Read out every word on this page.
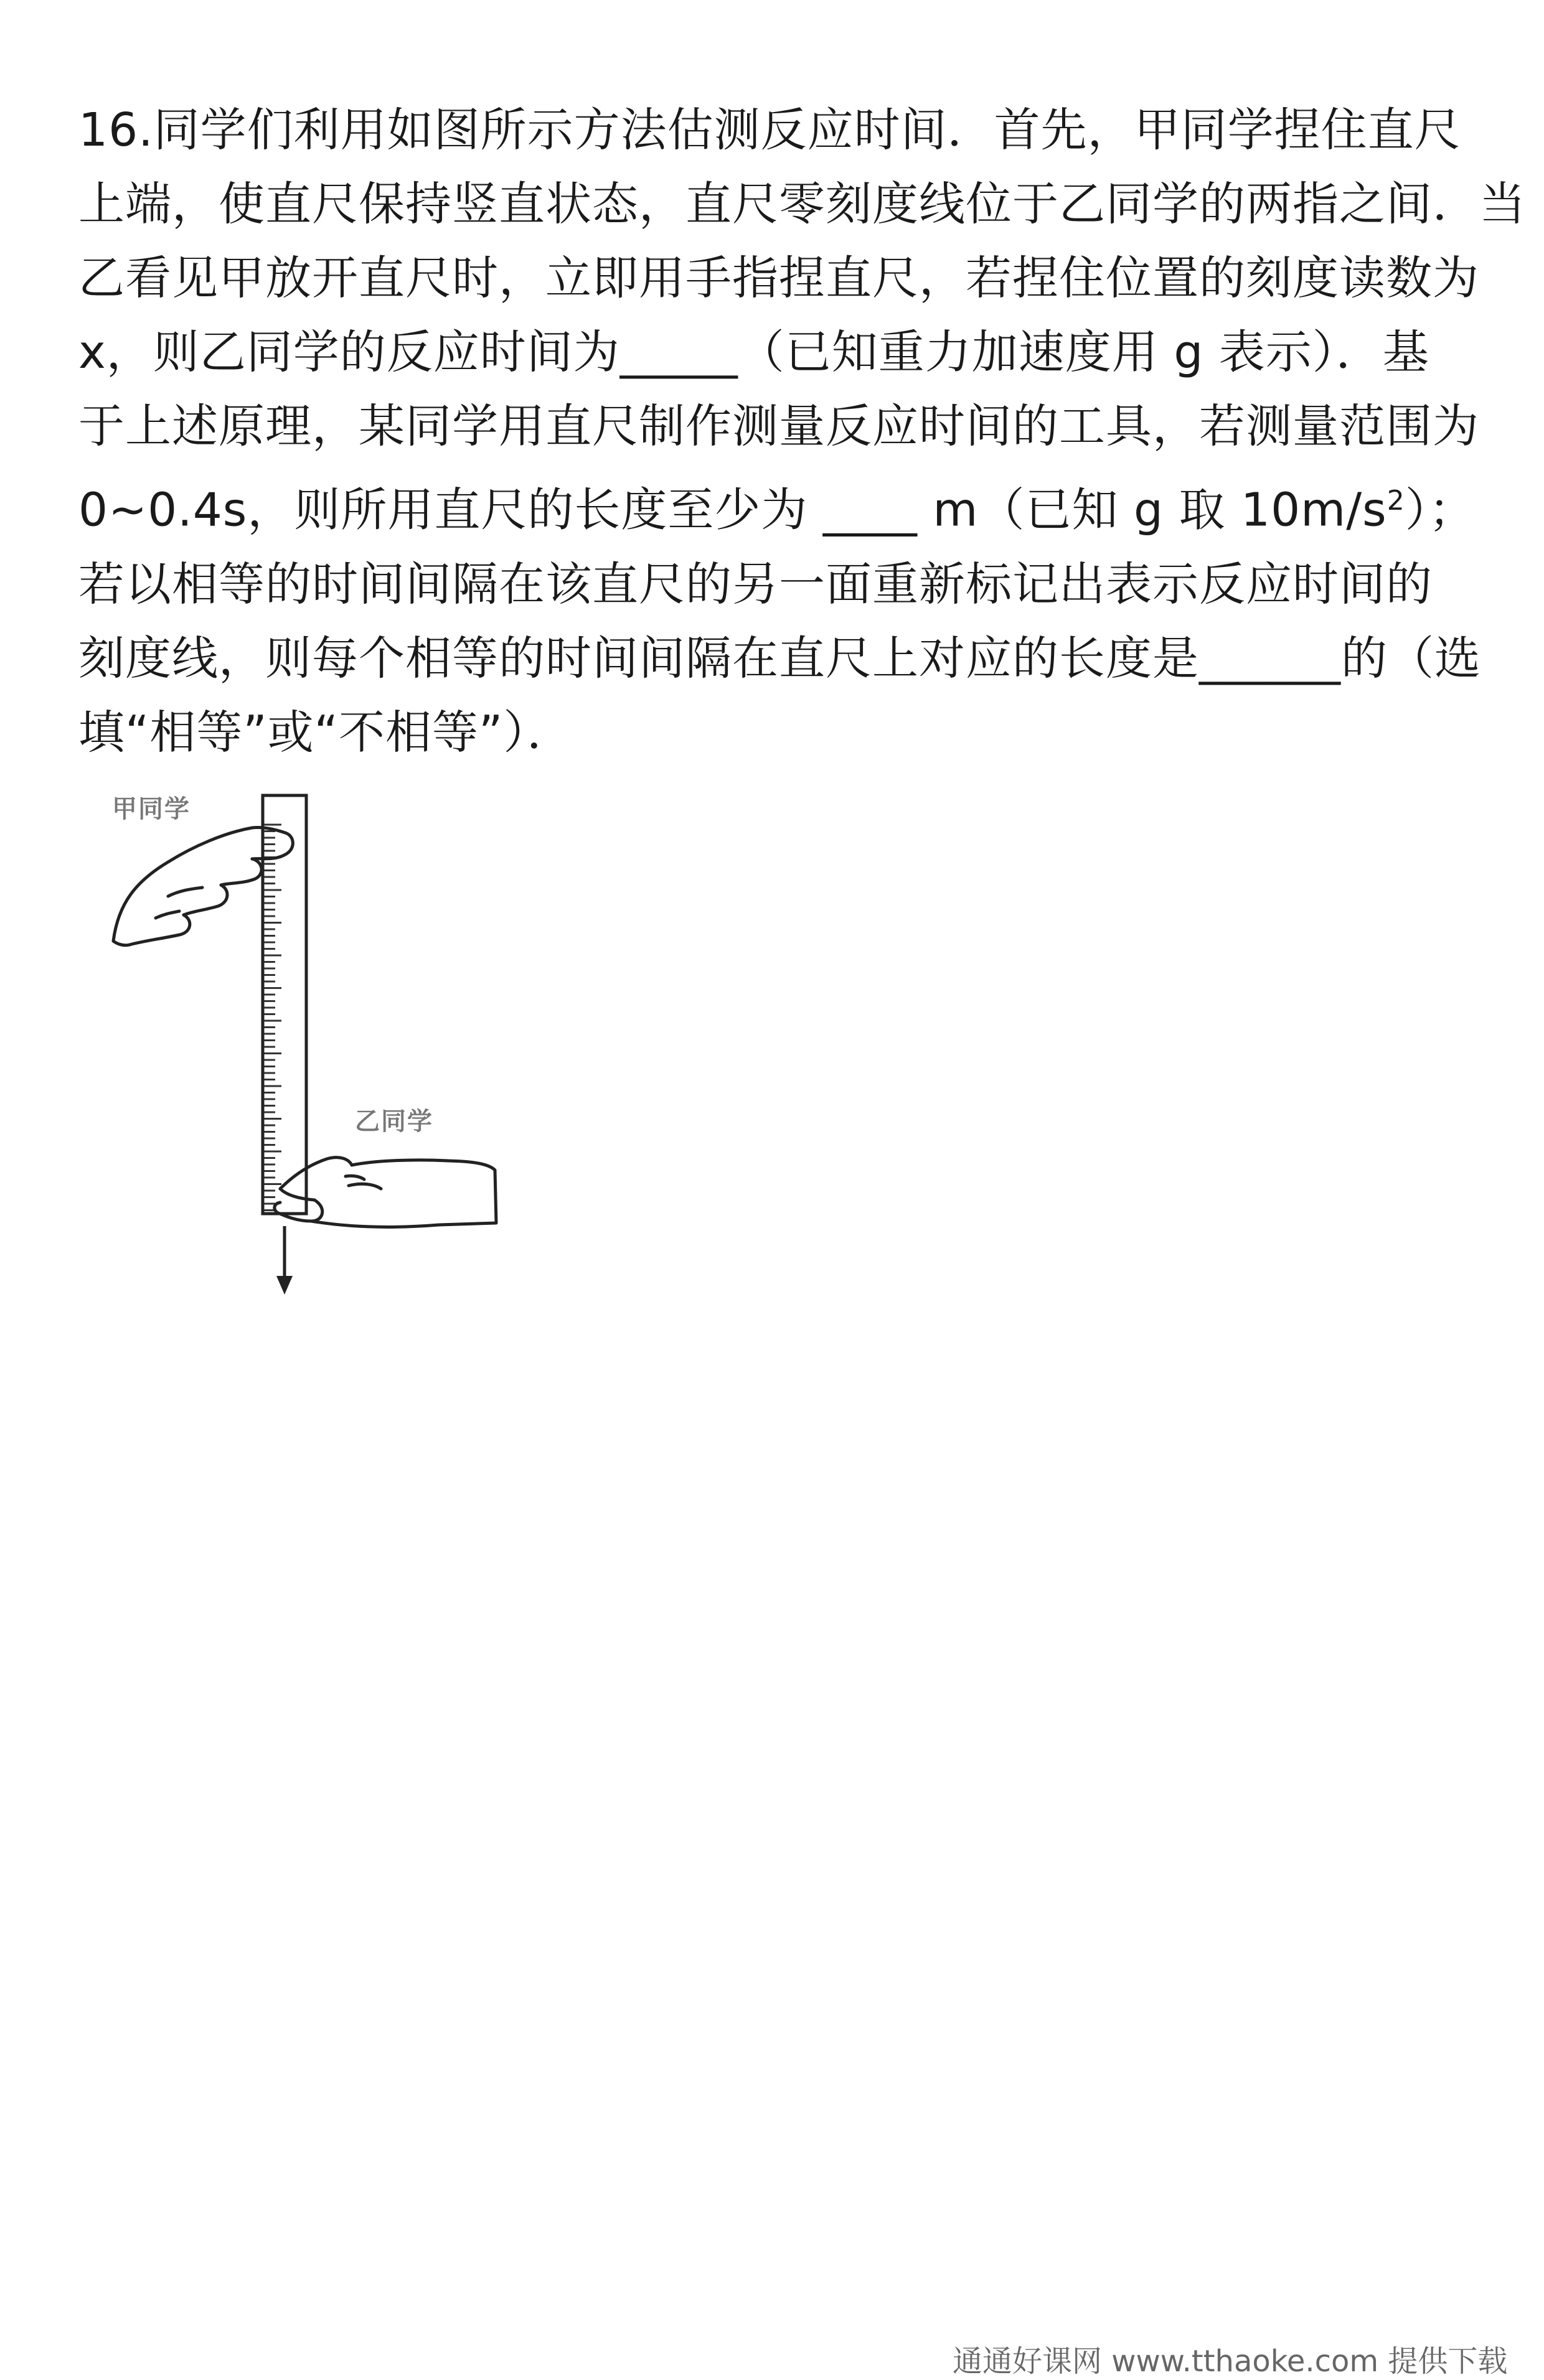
16.同学们利用如图所示方法估测反应时间．首先，甲同学捏住直尺
上端，使直尺保持竖直状态，直尺零刻度线位于乙同学的两指之间．当
乙看见甲放开直尺时，立即用手指捏直尺，若捏住位置的刻度读数为
x，则乙同学的反应时间为_____（已知重力加速度用 g 表示）．基
于上述原理，某同学用直尺制作测量反应时间的工具，若测量范围为
0~0.4s，则所用直尺的长度至少为 ____ m（已知 g 取 $10m/s^2$）；
若以相等的时间间隔在该直尺的另一面重新标记出表示反应时间的
刻度线，则每个相等的时间间隔在直尺上对应的长度是______的（选
填“相等”或“不相等”）．
甲同学
乙同学
通通好课网 www.tthaoke.com 提供下载
